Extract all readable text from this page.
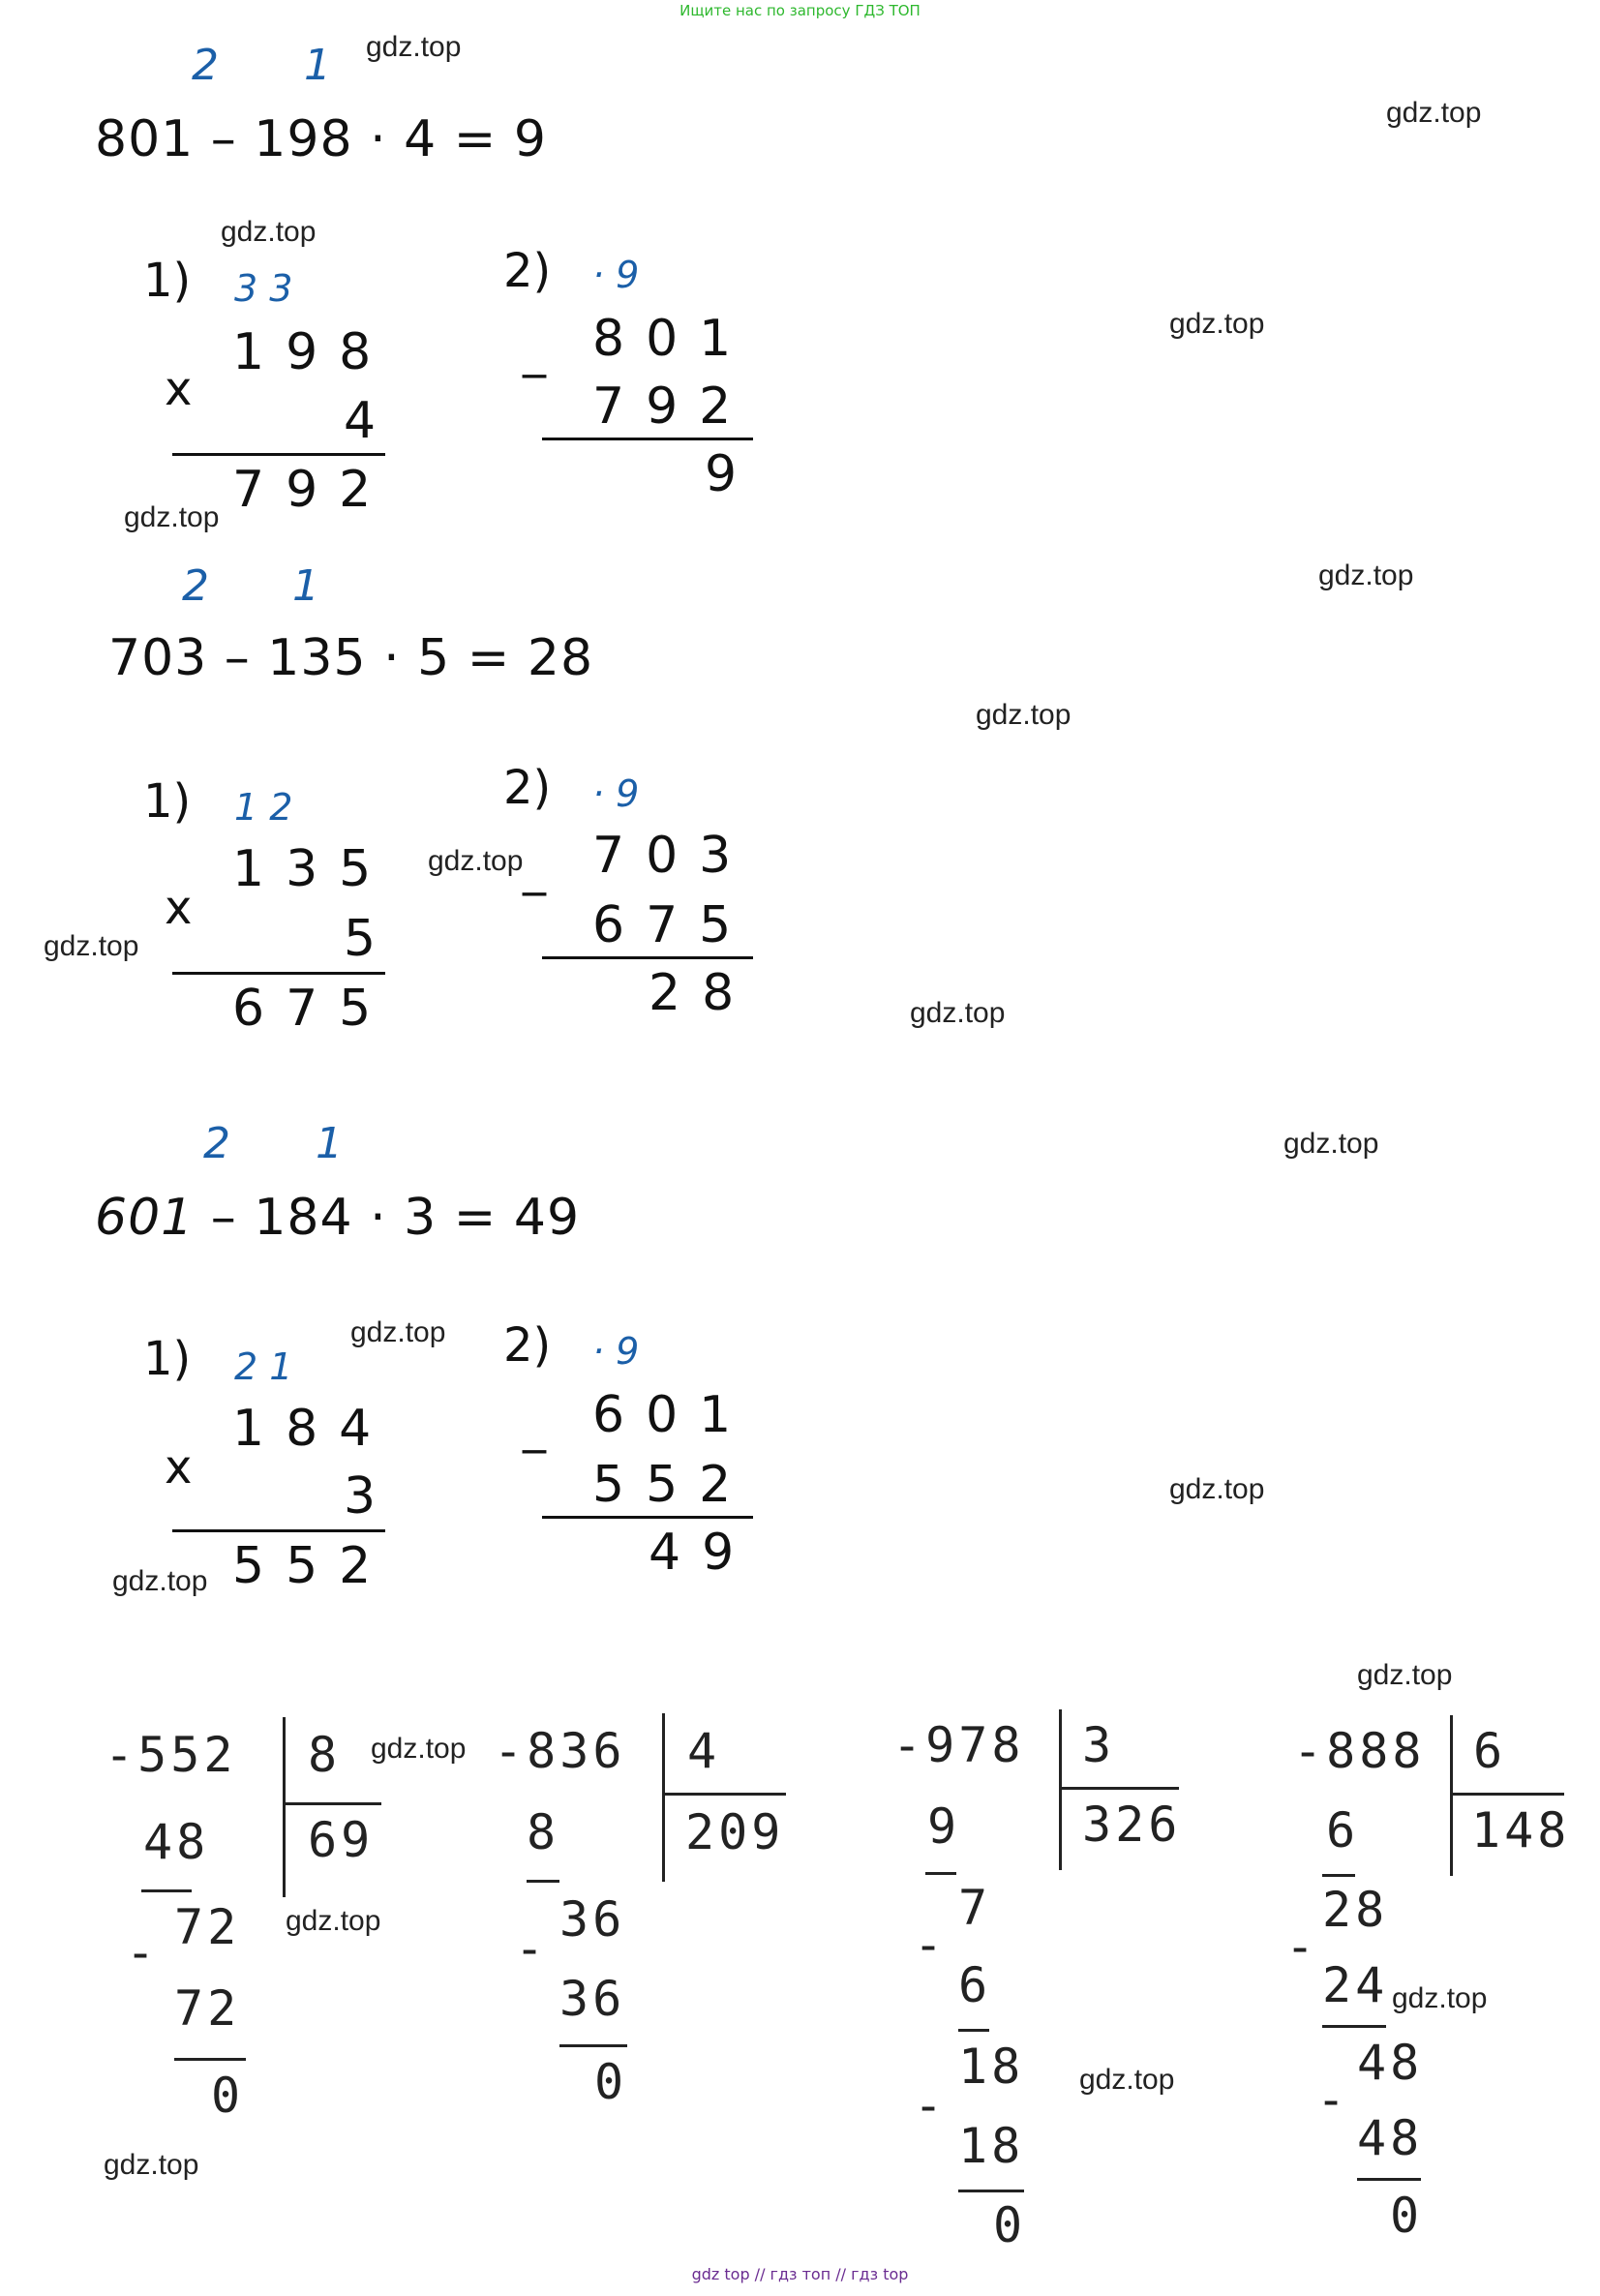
Ищите нас по запросу ГДЗ ТОП
gdz top // гдз топ // гдз top
gdz.top
gdz.top
gdz.top
gdz.top
gdz.top
gdz.top
gdz.top
gdz.top
gdz.top
gdz.top
gdz.top
gdz.top
gdz.top
gdz.top
gdz.top
gdz.top
gdz.top
gdz.top
gdz.top
gdz.top
2 1
801 – 198 · 4 = 9
1) 3 3
198
x
4
792
2) · 9
801
_
792
9
2 1
703 – 135 · 5 = 28
1) 1 2
135
x
5
675
2) · 9
703
_
675
28
2 1
601 – 184 · 3 = 49
1) 2 1
184
x	3
552
2) · 9
601
_
552
49
-552 8
69
48
- 72
72
0
-836 4
209
8
-
36
36
0
-978 3
326
9
-
7
6
-
18
18
0
-888 6
148
6
-
28
24
-
48
48
0
